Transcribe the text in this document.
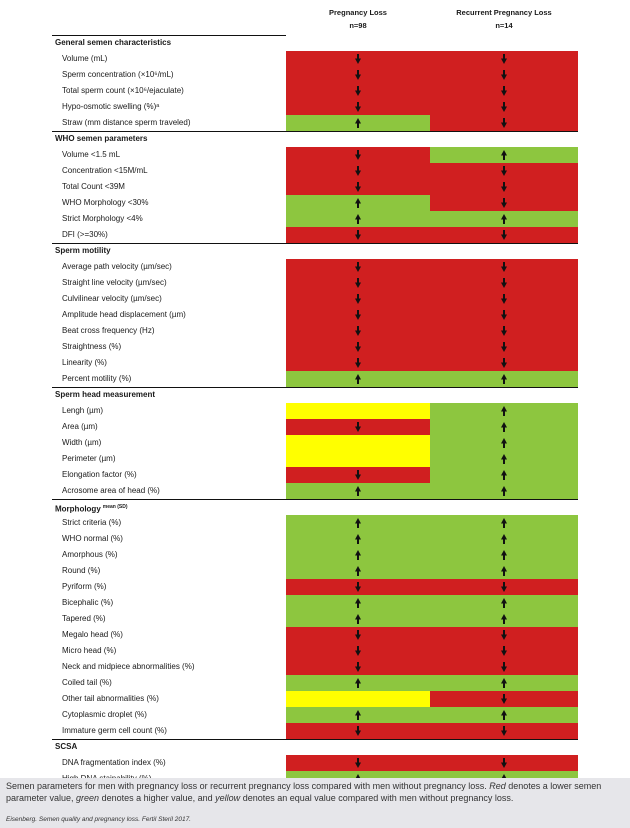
Pregnancy Loss
n=98
Recurrent Pregnancy Loss
n=14
General semen characteristics
Volume (mL)
Sperm concentration (×10⁶/mL)
Total sperm count (×10⁶/ejaculate)
Hypo-osmotic swelling (%)ᵃ
Straw (mm distance sperm traveled)
WHO semen parameters
Volume <1.5 mL
Concentration <15M/mL
Total Count <39M
WHO Morphology <30%
Strict Morphology <4%
DFI (>=30%)
Sperm motility
Average path velocity (µm/sec)
Straight line velocity (µm/sec)
Culvilinear velocity (µm/sec)
Amplitude head displacement (µm)
Beat cross frequency (Hz)
Straightness (%)
Linearity (%)
Percent motility (%)
Sperm head measurement
Lengh (µm)
Area (µm)
Width (µm)
Perimeter (µm)
Elongation factor (%)
Acrosome area of head (%)
Morphology $^{mean (SD)}$
Strict criteria (%)
WHO normal (%)
Amorphous (%)
Round (%)
Pyriform (%)
Bicephalic (%)
Tapered (%)
Megalo head (%)
Micro head (%)
Neck and midpiece abnormalities (%)
Coiled tail (%)
Other tail abnormalities (%)
Cytoplasmic droplet (%)
Immature germ cell count (%)
SCSA
DNA fragmentation index (%)
Semen parameters for men with pregnancy loss or recurrent pregnancy loss compared with men without pregnancy loss. Red denotes a lower semen parameter value, green denotes a higher value, and yellow denotes an equal value compared with men without pregnancy loss.
Eisenberg. Semen quality and pregnancy loss. Fertil Steril 2017.
